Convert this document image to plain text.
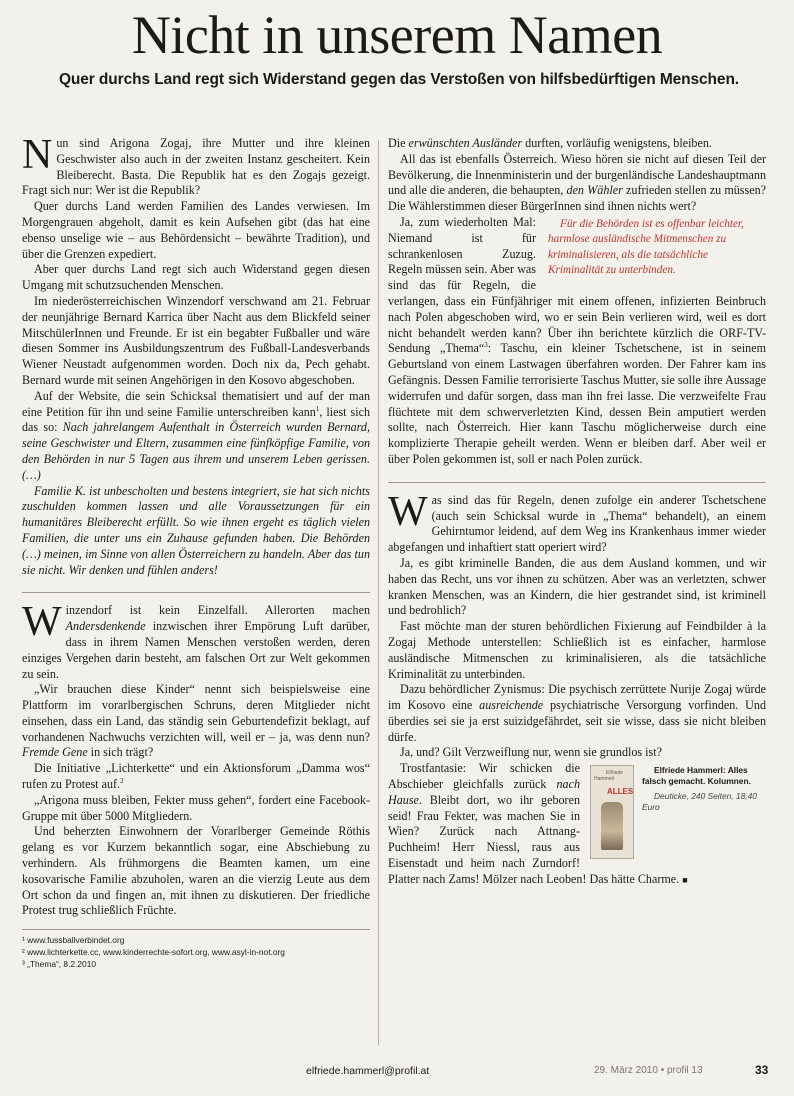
Nicht in unserem Namen
Quer durchs Land regt sich Widerstand gegen das Verstoßen von hilfsbedürftigen Menschen.

Nun sind Arigona Zogaj, ihre Mutter und ihre kleinen Geschwister also auch in der zweiten Instanz gescheitert. Kein Bleiberecht. Basta. Die Republik hat es den Zogajs gezeigt. Fragt sich nur: Wer ist die Republik?

Quer durchs Land werden Familien des Landes verwiesen. Im Morgengrauen abgeholt, damit es kein Aufsehen gibt (das hat eine ebenso unselige wie – aus Behördensicht – bewährte Tradition), und über die Grenzen expediert.

Aber quer durchs Land regt sich auch Widerstand gegen diesen Umgang mit schutzsuchenden Menschen.

Im niederösterreichischen Winzendorf verschwand am 21. Februar der neunjährige Bernard Karrica über Nacht aus dem Blickfeld seiner MitschülerInnen und Freunde. Er ist ein begabter Fußballer und wäre diesen Sommer ins Ausbildungszentrum des Fußball-Landesverbands Wiener Neustadt aufgenommen worden. Doch nix da, Pech gehabt. Bernard wurde mit seinen Angehörigen in den Kosovo abgeschoben.

Auf der Website, die sein Schicksal thematisiert und auf der man eine Petition für ihn und seine Familie unterschreiben kann$^1$, liest sich das so: Nach jahrelangem Aufenthalt in Österreich wurden Bernard, seine Geschwister und Eltern, zusammen eine fünfköpfige Familie, von den Behörden in nur 5 Tagen aus ihrem und unserem Leben gerissen. (…)

Familie K. ist unbescholten und bestens integriert, sie hat sich nichts zuschulden kommen lassen und alle Voraussetzungen für ein humanitäres Bleiberecht erfüllt. So wie ihnen ergeht es täglich vielen Familien, die unter uns ein Zuhause gefunden haben. Die Behörden (…) meinen, im Sinne von allen Österreichern zu handeln. Aber das tun sie nicht. Wir denken und fühlen anders!

Winzendorf ist kein Einzelfall. Allerorten machen Andersdenkende inzwischen ihrer Empörung Luft darüber, dass in ihrem Namen Menschen verstoßen werden, deren einziges Vergehen darin besteht, am falschen Ort zur Welt gekommen zu sein.

„Wir brauchen diese Kinder“ nennt sich beispielsweise eine Plattform im vorarlbergischen Schruns, deren Mitglieder nicht einsehen, dass ein Land, das ständig sein Geburtendefizit beklagt, auf vorhandenen Nachwuchs verzichten will, weil er – ja, was denn nun? Fremde Gene in sich trägt?

Die Initiative „Lichterkette“ und ein Aktionsforum „Damma wos“ rufen zu Protest auf.$^2$

„Arigona muss bleiben, Fekter muss gehen“, fordert eine Facebook-Gruppe mit über 5000 Mitgliedern.

Und beherzten Einwohnern der Vorarlberger Gemeinde Röthis gelang es vor Kurzem bekanntlich sogar, eine Abschiebung zu verhindern. Als frühmorgens die Beamten kamen, um eine kosovarische Familie abzuholen, waren an die vierzig Leute aus dem Ort schon da und fingen an, mit ihnen zu diskutieren. Der friedliche Protest trug schließlich Früchte.

¹ www.fussballverbindet.org
² www.lichterkette.cc, www.kinderrechte-sofort.org, www.asyl-in-not.org
³ „Thema“, 8.2.2010

Die erwünschten Ausländer durften, vorläufig wenigstens, bleiben.

All das ist ebenfalls Österreich. Wieso hören sie nicht auf diesen Teil der Bevölkerung, die Innenministerin und der burgenländische Landeshauptmann und alle die anderen, die behaupten, den Wähler zufrieden stellen zu müssen? Die Wählerstimmen dieser BürgerInnen sind ihnen nichts wert?

Für die Behörden ist es offenbar leichter, harmlose ausländische Mitmenschen zu kriminalisieren, als die tatsächliche Kriminalität zu unterbinden.
Ja, zum wiederholten Mal: Niemand ist für schrankenlosen Zuzug. Regeln müssen sein. Aber was sind das für Regeln, die verlangen, dass ein Fünfjähriger mit einem offenen, infizierten Beinbruch nach Polen abgeschoben wird, wo er sein Bein verlieren wird, weil es dort nicht behandelt werden kann? Über ihn berichtete kürzlich die ORF-TV-Sendung „Thema“$^3$: Taschu, ein kleiner Tschetschene, ist in seinem Geburtsland von einem Lastwagen überfahren worden. Der Fahrer kam ins Gefängnis. Dessen Familie terrorisierte Taschus Mutter, sie solle ihre Aussage widerrufen und dafür sorgen, dass man ihn frei lasse. Die verzweifelte Frau flüchtete mit dem schwerverletzten Kind, dessen Bein amputiert werden sollte, nach Österreich. Hier kann Taschu möglicherweise durch eine komplizierte Therapie geheilt werden. Wenn er bleiben darf. Aber weil er über Polen gekommen ist, soll er nach Polen zurück.

Was sind das für Regeln, denen zufolge ein anderer Tschetschene (auch sein Schicksal wurde in „Thema“ behandelt), an einem Gehirntumor leidend, auf dem Weg ins Krankenhaus immer wieder abgefangen und inhaftiert statt operiert wird?

Ja, es gibt kriminelle Banden, die aus dem Ausland kommen, und wir haben das Recht, uns vor ihnen zu schützen. Aber was an verletzten, schwer kranken Menschen, was an Kindern, die hier gestrandet sind, ist kriminell und bedrohlich?

Fast möchte man der sturen behördlichen Fixierung auf Feindbilder à la Zogaj Methode unterstellen: Schließlich ist es einfacher, harmlose ausländische Mitmenschen zu kriminalisieren, als die tatsächliche Kriminalität zu unterbinden.

Dazu behördlicher Zynismus: Die psychisch zerrüttete Nurije Zogaj würde im Kosovo eine ausreichende psychiatrische Versorgung vorfinden. Und überdies sei sie ja erst suizidgefährdet, seit sie wisse, dass sie nicht bleiben dürfe.

Ja, und? Gilt Verzweiflung nur, wenn sie grundlos ist?

Elfriede Hammerl
ALLES
Elfriede Hammerl: Alles falsch gemacht. Kolumnen.
Deuticke, 240 Seiten, 18,40 Euro
Trostfantasie: Wir schicken die Abschieber gleichfalls zurück nach Hause. Bleibt dort, wo ihr geboren seid! Frau Fekter, was machen Sie in Wien? Zurück nach Attnang-Puchheim! Herr Niessl, raus aus Eisenstadt und heim nach Zurndorf! Platter nach Zams! Mölzer nach Leoben! Das hätte Charme. ■

elfriede.hammerl@profil.at	29. März 2010 • profil 13	33
